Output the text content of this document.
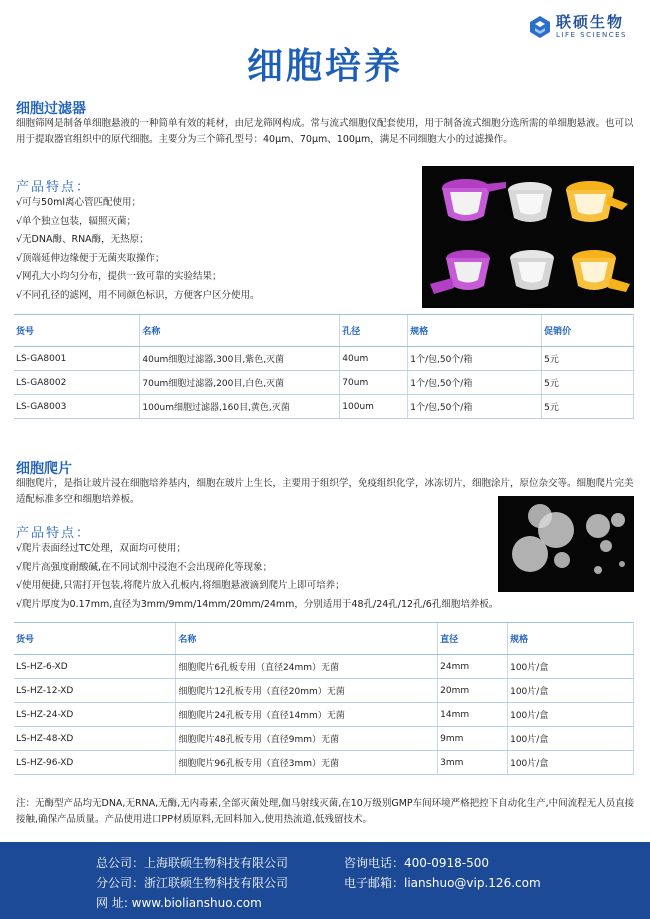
联硕生物
LIFE SCIENCES
细胞培养
细胞过滤器
细胞筛网是制备单细胞悬液的一种简单有效的耗材，由尼龙筛网构成。常与流式细胞仪配套使用，用于制备流式细胞分选所需的单细胞悬液。也可以用于提取器官组织中的原代细胞。主要分为三个筛孔型号：40μm、70μm、100μm，满足不同细胞大小的过滤操作。
产品特点：
√可与50ml离心管匹配使用；
√单个独立包装，辐照灭菌；
√无DNA酶、RNA酶，无热原；
√顶端延伸边缘便于无菌夹取操作；
√网孔大小均匀分布，提供一致可靠的实验结果；
√不同孔径的滤网，用不同颜色标识，方便客户区分使用。
货号	名称	孔径	规格	促销价
LS-GA8001	40um细胞过滤器,300目,紫色,灭菌	40um	1个/包,50个/箱	5元
LS-GA8002	70um细胞过滤器,200目,白色,灭菌	70um	1个/包,50个/箱	5元
LS-GA8003	100um细胞过滤器,160目,黄色,灭菌	100um	1个/包,50个/箱	5元
细胞爬片
细胞爬片，是指让玻片浸在细胞培养基内，细胞在玻片上生长，主要用于组织学，免疫组织化学，冰冻切片，细胞涂片，原位杂交等。细胞爬片完美适配标准多空和细胞培养板。
产品特点：
√爬片表面经过TC处理，双面均可使用；
√爬片高强度耐酸碱,在不同试剂中浸泡不会出现碎化等现象；
√使用便捷,只需打开包装,将爬片放入孔板内,将细胞悬液滴到爬片上即可培养；
√爬片厚度为0.17mm,直径为3mm/9mm/14mm/20mm/24mm，分别适用于48孔/24孔/12孔/6孔细胞培养板。
货号	名称	直径	规格
LS-HZ-6-XD	细胞爬片6孔板专用（直径24mm）无菌	24mm	100片/盒
LS-HZ-12-XD	细胞爬片12孔板专用（直径20mm）无菌	20mm	100片/盒
LS-HZ-24-XD	细胞爬片24孔板专用（直径14mm）无菌	14mm	100片/盒
LS-HZ-48-XD	细胞爬片48孔板专用（直径9mm）无菌	9mm	100片/盒
LS-HZ-96-XD	细胞爬片96孔板专用（直径3mm）无菌	3mm	100片/盒
注：无酶型产品均无DNA,无RNA,无酶,无内毒素,全部灭菌处理,伽马射线灭菌,在10万级别GMP车间环境严格把控下自动化生产,中间流程无人员直接接触,确保产品质量。产品使用进口PP材质原料,无回料加入,使用热流道,低残留技术。
总公司：上海联硕生物科技有限公司
分公司：浙江联硕生物科技有限公司
网 址: www.biolianshuo.com
咨询电话：400-0918-500
电子邮箱：lianshuo@vip.126.com
